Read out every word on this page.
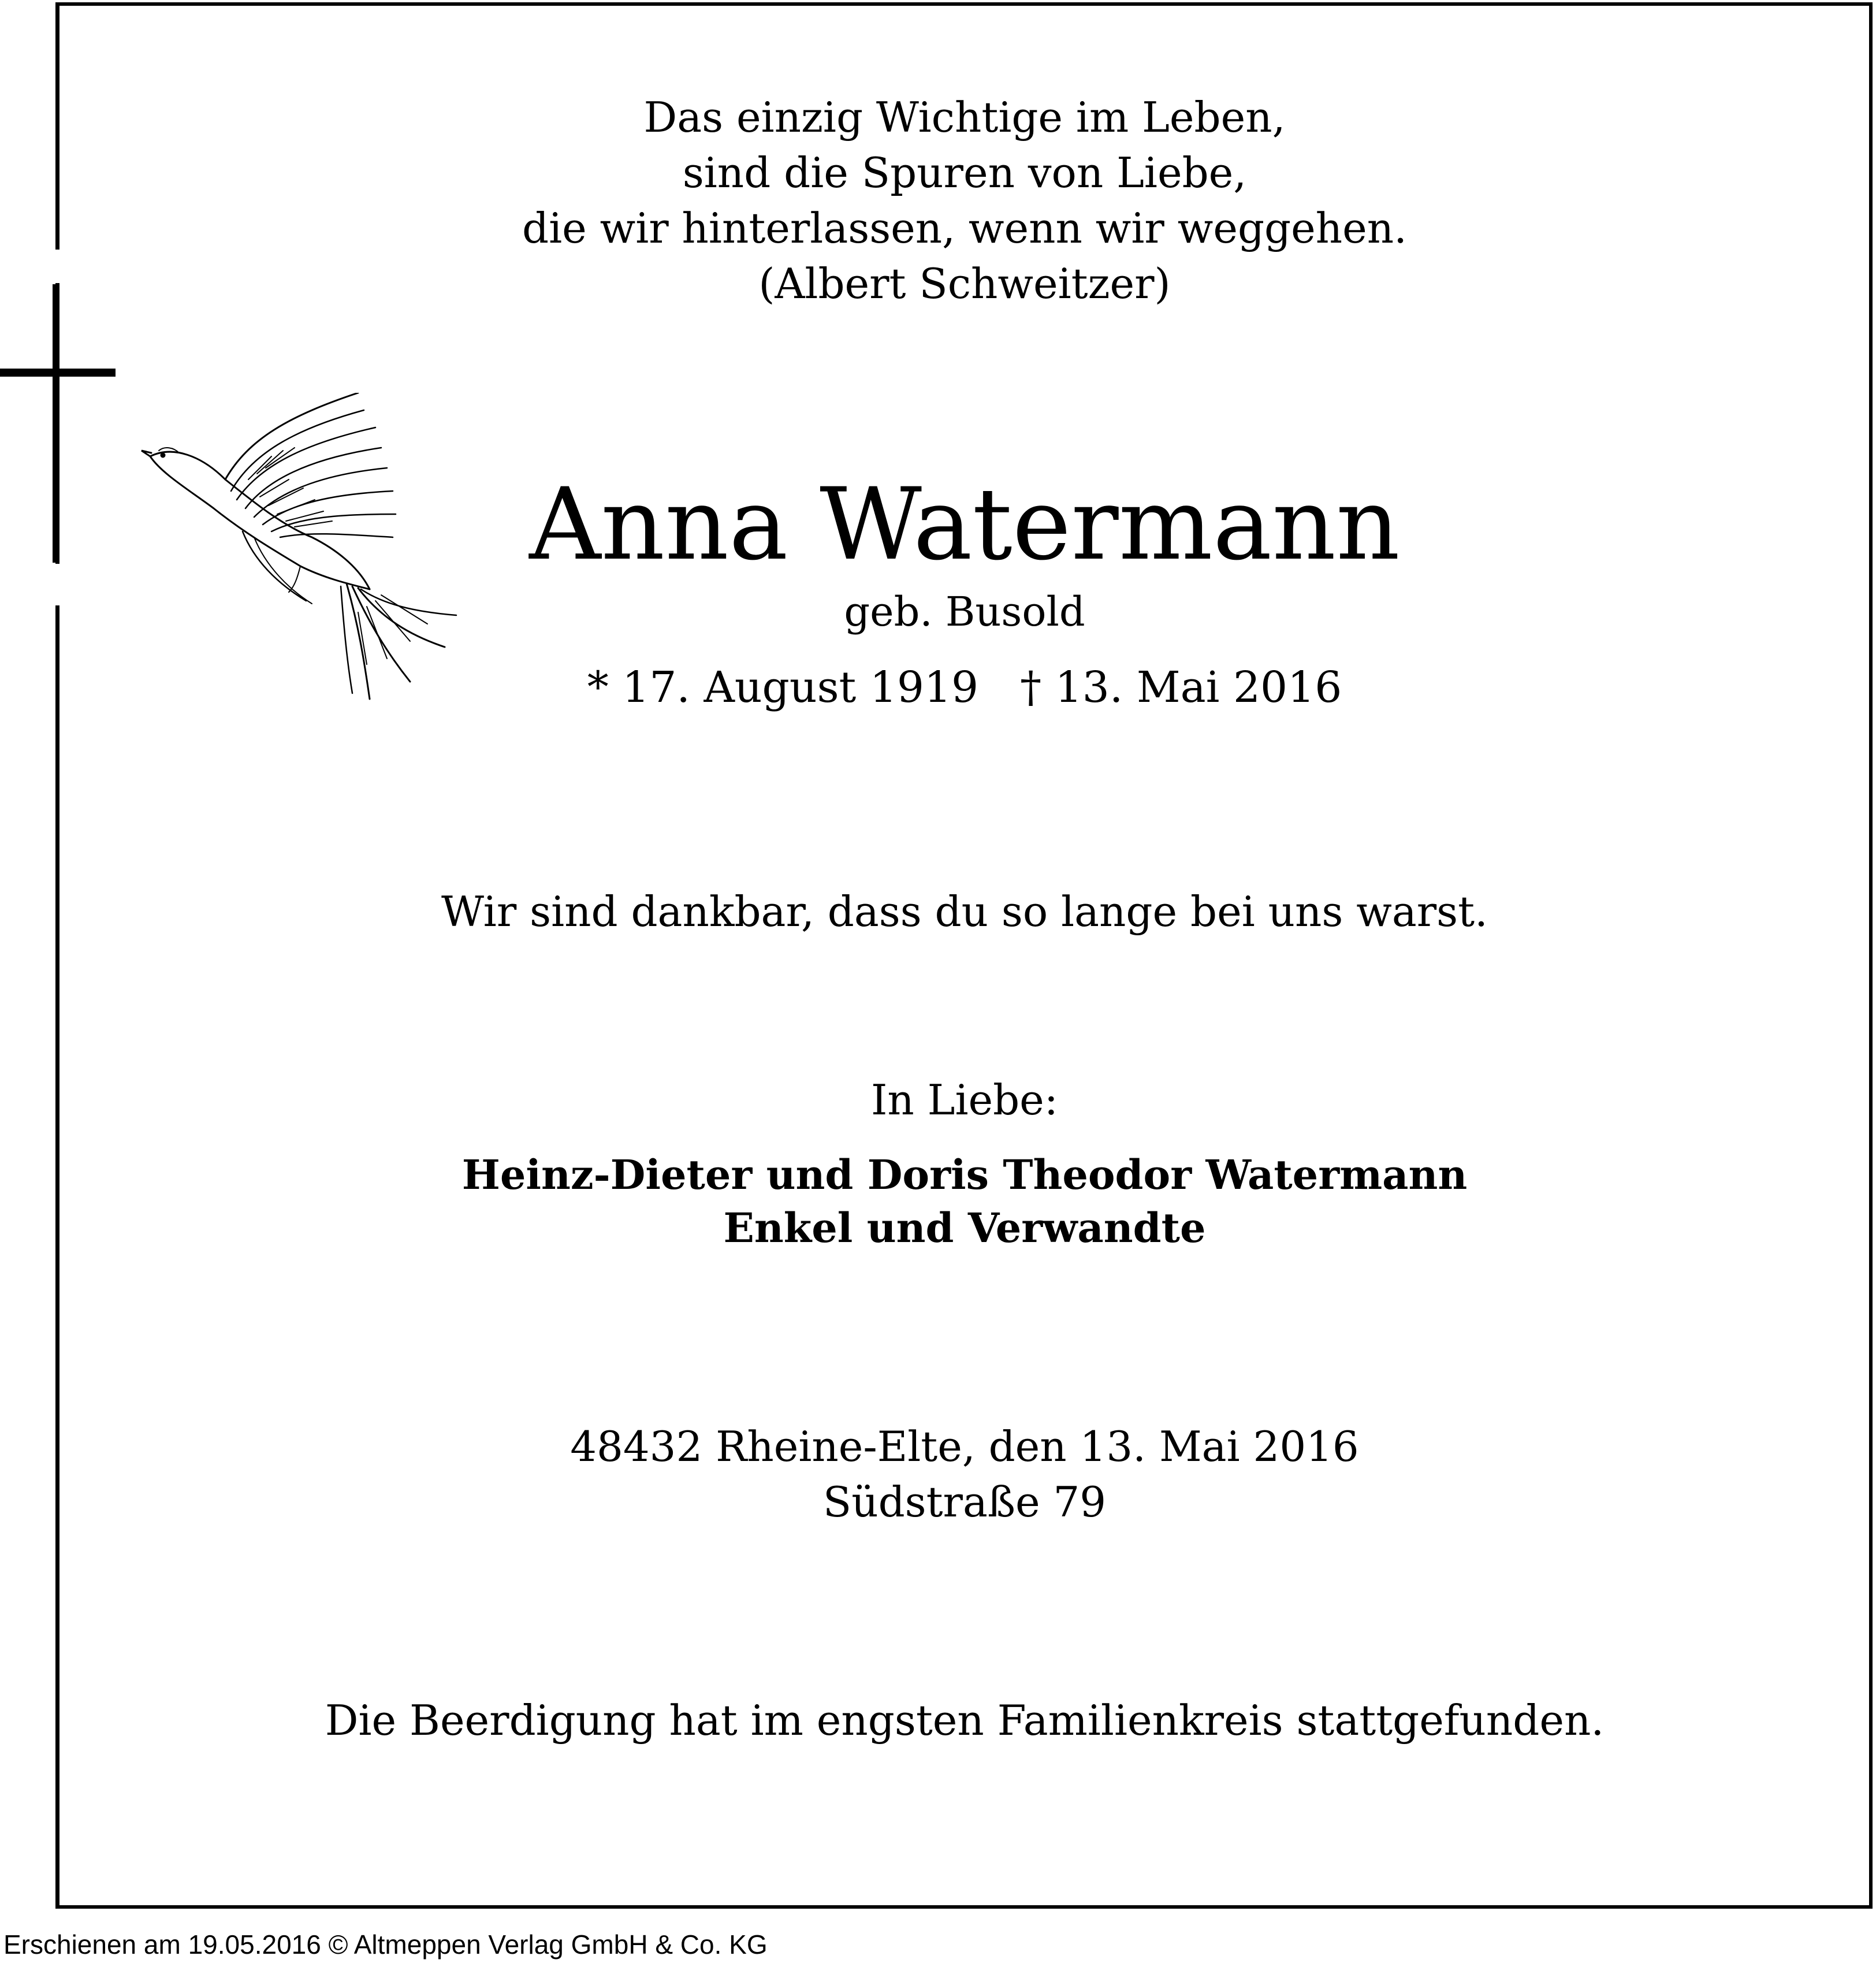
Das einzig Wichtige im Leben,
sind die Spuren von Liebe,
die wir hinterlassen, wenn wir weggehen.
(Albert Schweitzer)
Anna Watermann
geb. Busold
* 17. August 1919 † 13. Mai 2016
Wir sind dankbar, dass du so lange bei uns warst.
In Liebe:
Heinz-Dieter und Doris Theodor Watermann
Enkel und Verwandte
48432 Rheine-Elte, den 13. Mai 2016
Südstraße 79
Die Beerdigung hat im engsten Familienkreis stattgefunden.
Erschienen am 19.05.2016 © Altmeppen Verlag GmbH & Co. KG
